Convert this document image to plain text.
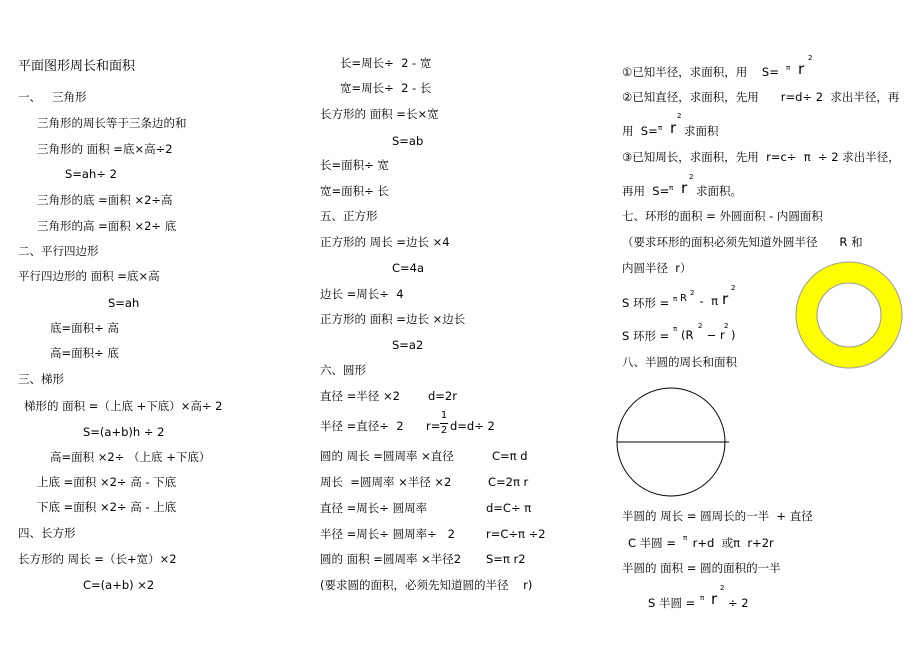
平面图形周长和面积
一、   三角形
三角形的周长等于三条边的和
三角形的 面积 =底×高÷2
S=ah÷ 2
三角形的底 =面积 ×2÷高
三角形的高 =面积 ×2÷ 底
二、平行四边形
平行四边形的 面积 =底×高
S=ah
底=面积÷ 高
高=面积÷ 底
三、梯形
梯形的 面积 =（上底 +下底）×高÷ 2
S=(a+b)h ÷ 2
高=面积 ×2÷ （上底 +下底）
上底 =面积 ×2÷ 高 - 下底
下底 =面积 ×2÷ 高 - 上底
四、长方形
长方形的 周长 =（长+宽）×2
C=(a+b) ×2
长=周长÷  2 - 宽
宽=周长÷  2 - 长
长方形的 面积 =长×宽
S=ab
长=面积÷ 宽
宽=面积÷ 长
五、正方形
正方形的 周长 =边长 ×4
C=4a
边长 =周长÷  4
正方形的 面积 =边长 ×边长
S=a2
六、圆形
直径 =半径 ×2 d=2r
半径 =直径÷  2 r=
1
2 d=d÷ 2
圆的 周长 =圆周率 ×直径	C=π d
周长  =圆周率 ×半径 ×2	C=2π r
直径 =周长÷ 圆周率	d=C÷ π
半径 =周长÷ 圆周率÷   2	r=C÷π ÷2
圆的 面积 =圆周率 ×半径2 S=π r2
(要求圆的面积，必须先知道圆的半径    r)
①已知半径，求面积，用    S= π r
2
②已知直径，求面积，先用      r=d÷ 2  求出半径，再
用  S= π r
2
求面积
③已知周长，求面积，先用  r=c÷  π  ÷ 2 求出半径，
再用  S= π r
2
求面积。
七、环形的面积 = 外圆面积 - 内圆面积
（要求环形的面积必须先知道外圆半径      R 和
内圆半径  r）
S 环形 = π R 2
-  π r
2
S 环形 = π (R
2
− r
2
)
八、半圆的周长和面积
半圆的 周长 = 圆周长的一半  + 直径
C 半圆 = π r+d  或π  r+2r
半圆的 面积 = 圆的面积的一半
S 半圆 = π r
2
÷ 2
